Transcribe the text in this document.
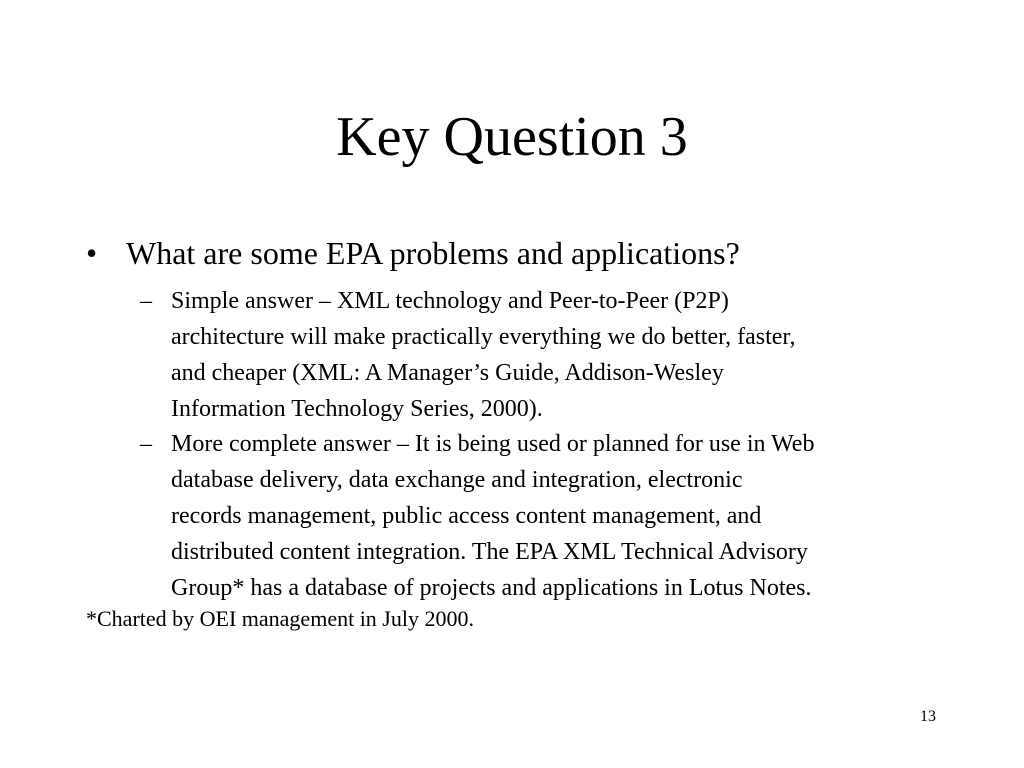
Key Question 3
• What are some EPA problems and applications?
– Simple answer – XML technology and Peer-to-Peer (P2P)
architecture will make practically everything we do better, faster,
and cheaper (XML: A Manager’s Guide, Addison-Wesley
Information Technology Series, 2000).
– More complete answer – It is being used or planned for use in Web
database delivery, data exchange and integration, electronic
records management, public access content management, and
distributed content integration. The EPA XML Technical Advisory
Group* has a database of projects and applications in Lotus Notes.
*Charted by OEI management in July 2000.
13
